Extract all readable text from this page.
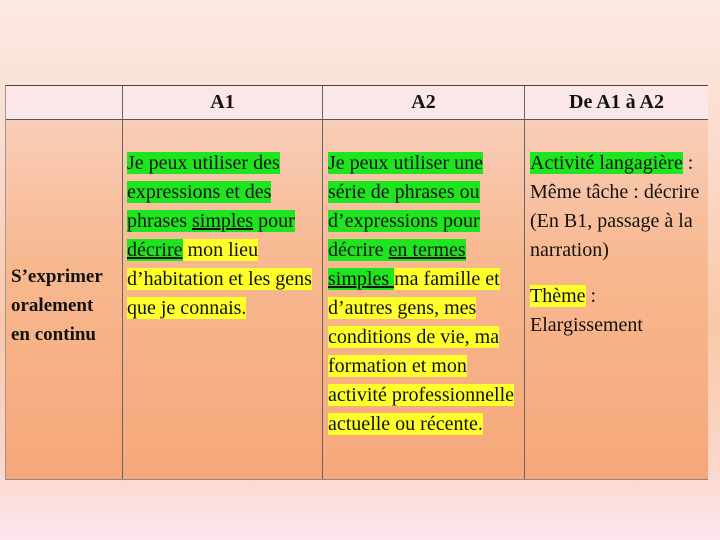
A1	A2	De A1 à A2
S’exprimer
oralement
en continu
Je peux utiliser des
expressions et des
phrases simples pour
décrire mon lieu
d’habitation et les gens
que je connais.
Je peux utiliser une
série de phrases ou
d’expressions pour
décrire en termes
simples ma famille et
d’autres gens, mes
conditions de vie, ma
formation et mon
activité professionnelle
actuelle ou récente.
Activité langagière :
Même tâche : décrire
(En B1, passage à la
narration)
Thème :
Elargissement
